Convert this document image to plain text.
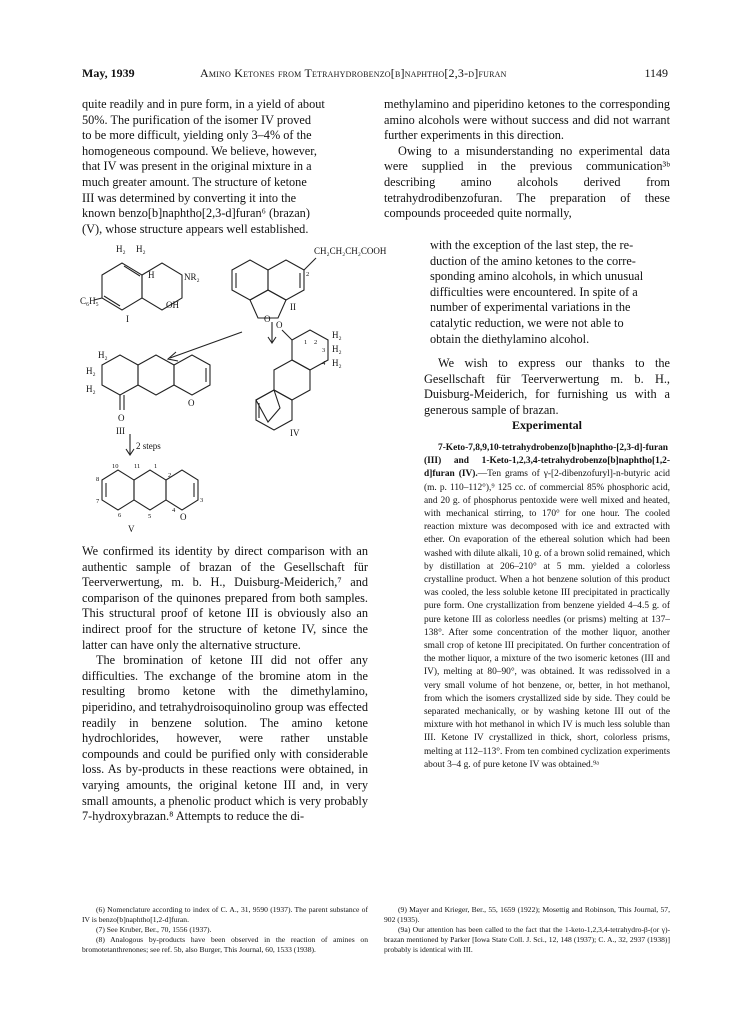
May, 1939	Amino Ketones from Tetrahydrobenzo[b]naphtho[2,3-d]furan	1149
quite readily and in pure form, in a yield of about
50%. The purification of the isomer IV proved
to be more difficult, yielding only 3–4% of the
homogeneous compound. We believe, however,
that IV was present in the original mixture in a
much greater amount. The structure of ketone
III was determined by converting it into the
known benzo[b]naphtho[2,3-d]furan⁶ (brazan)
(V), whose structure appears well established.

methylamino and piperidino ketones to the corresponding amino alcohols were without success and did not warrant further experiments in this direction.

Owing to a misunderstanding no experimental data were supplied in the previous communication³ᵇ describing amino alcohols derived from tetrahydrodibenzofuran. The preparation of these compounds proceeded quite normally,

with the exception of the last step, the re-
duction of the amino ketones to the corre-
sponding amino alcohols, in which unusual
difficulties were encountered. In spite of a
number of experimental variations in the
catalytic reduction, we were not able to
obtain the diethylamino alcohol.

We wish to express our thanks to the Gesellschaft für Teerverwertung m. b. H., Duisburg-Meiderich, for furnishing us with a generous sample of brazan.

Experimental

7-Keto-7,8,9,10-tetrahydrobenzo[b]naphtho-[2,3-d]-furan (III) and 1-Keto-1,2,3,4-tetrahydrobenzo[b]naphtho[1,2-d]furan (IV).—Ten grams of γ-[2-dibenzofuryl]-n-butyric acid (m. p. 110–112°),⁹ 125 cc. of commercial 85% phosphoric acid, and 20 g. of phosphorus pentoxide were well mixed and heated, with mechanical stirring, to 170° for one hour. The cooled reaction mixture was decomposed with ice and extracted with ether. On evaporation of the ethereal solution which had been washed with dilute alkali, 10 g. of a brown solid remained, which by distillation at 206–210° at 5 mm. yielded a colorless crystalline product. When a hot benzene solution of this product was cooled, the less soluble ketone III precipitated in practically pure form. One crystallization from benzene yielded 4–4.5 g. of pure ketone III as colorless needles (or prisms) melting at 137–138°. After some concentration of the mother liquor, another small crop of ketone III precipitated. On further concentration of the mother liquor, a mixture of the two isomeric ketones (III and IV), melting at 80–90°, was obtained. It was redissolved in a very small volume of hot benzene, or, better, in hot methanol, from which the isomers crystallized side by side. They could be separated mechanically, or by washing ketone III out of the mixture with hot methanol in which IV is much less soluble than III. Ketone IV crystallized in thick, short, colorless prisms, melting at 112–113°. From ten combined cyclization experiments about 3–4 g. of pure ketone IV was obtained.⁹ᵃ

We confirmed its identity by direct comparison with an authentic sample of brazan of the Gesellschaft für Teerverwertung, m. b. H., Duisburg-Meiderich,⁷ and comparison of the quinones prepared from both samples. This structural proof of ketone III is obviously also an indirect proof for the structure of ketone IV, since the latter can have only the alternative structure.

The bromination of ketone III did not offer any difficulties. The exchange of the bromine atom in the resulting bromo ketone with the dimethylamino, piperidino, and tetrahydroisoquinolino group was effected readily in benzene solution. The amino ketone hydrochlorides, however, were rather unstable compounds and could be purified only with considerable loss. As by-products in these reactions were obtained, in varying amounts, the original ketone III and, in very small amounts, a phenolic product which is very probably 7-hydroxybrazan.⁸ Attempts to reduce the di-

(6) Nomenclature according to index of C. A., 31, 9590 (1937). The parent substance of IV is benzo[b]naphtho[1,2-d]furan.

(7) See Kruber, Ber., 70, 1556 (1937).

(8) Analogous by-products have been observed in the reaction of amines on bromotetanthrenones; see ref. 5b, also Burger, This Journal, 60, 1533 (1938).

(9) Mayer and Krieger, Ber., 55, 1659 (1922); Mosettig and Robinson, This Journal, 57, 902 (1935).

(9a) Our attention has been called to the fact that the 1-keto-1,2,3,4-tetrahydro-β-(or γ)-brazan mentioned by Parker [Iowa State Coll. J. Sci., 12, 148 (1937); C. A., 32, 2937 (1938)] probably is identical with III.

H₂ H₂
H	NR₂
OH
C₆H₅
I	O
II
CH₂CH₂CH₂COOH
O
H₂
H₂
H₂
IV
H₂
H₂
H₂
O
O
III
2 steps
O
V
1
2
3
4
5
6
7
8
10 11
1 2
3
4
2
